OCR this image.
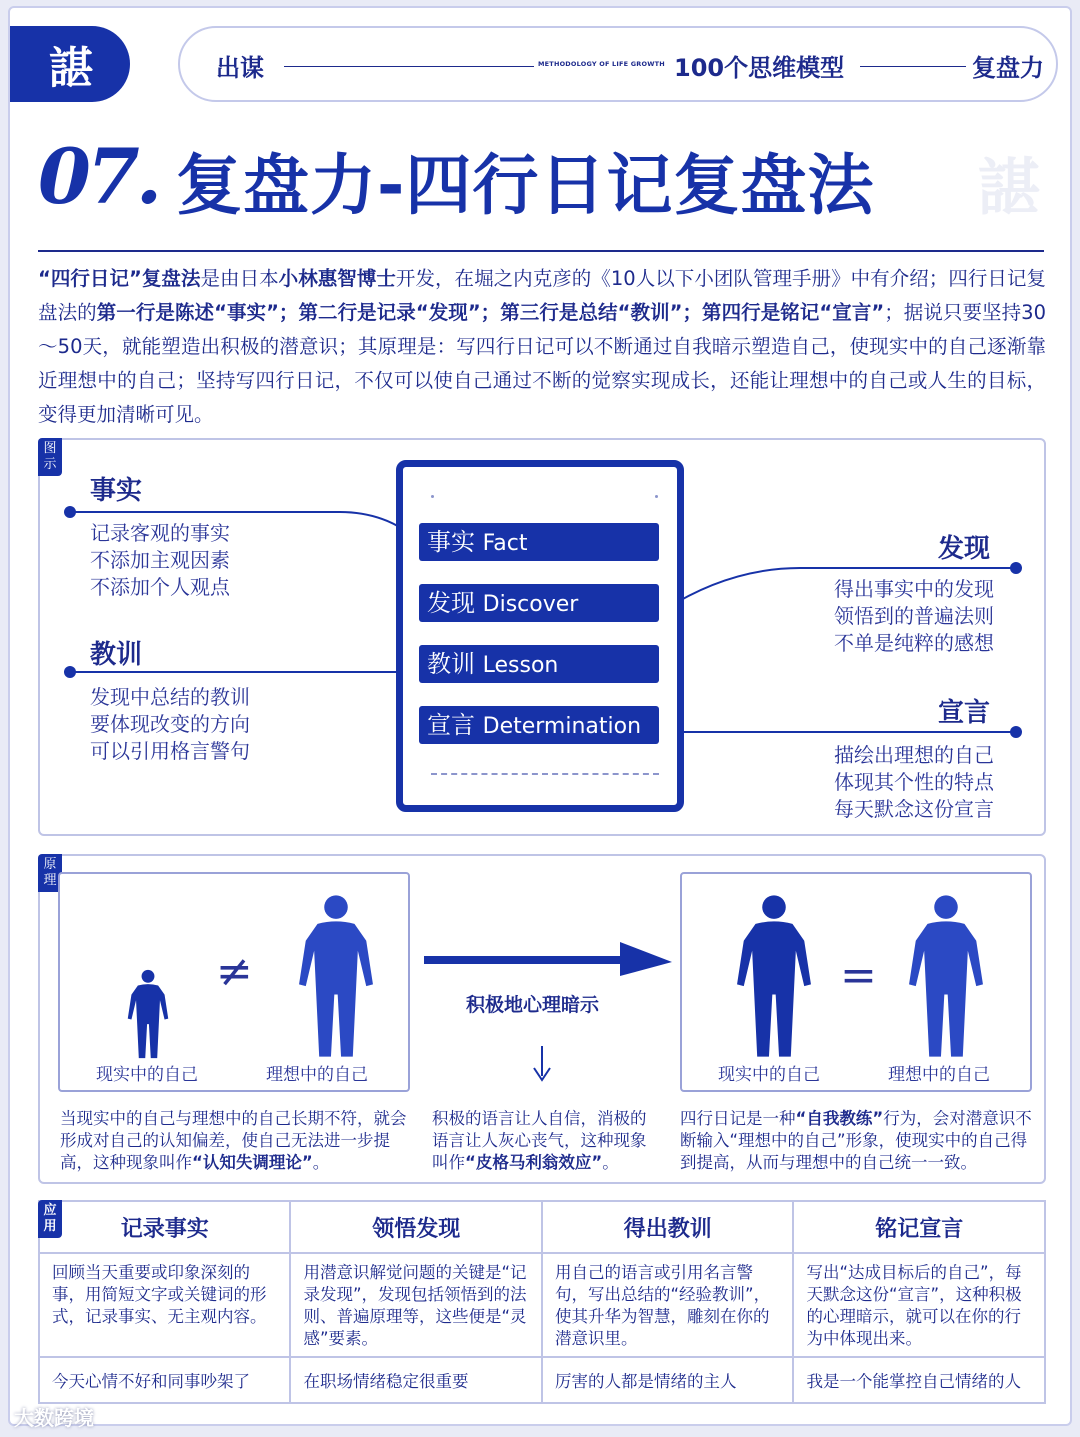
諶	出谋	METHODOLOGY OF LIFE GROWTH 100个思维模型	复盘力
07. 复盘力-四行日记复盘法 諶
“四行日记”复盘法是由日本小林惠智博士开发，在堀之内克彦的《10人以下小团队管理手册》中有介绍；四行日记复盘法的第一行是陈述“事实”；第二行是记录“发现”；第三行是总结“教训”；第四行是铭记“宣言”；据说只要坚持30～50天，就能塑造出积极的潜意识；其原理是：写四行日记可以不断通过自我暗示塑造自己，使现实中的自己逐渐靠近理想中的自己；坚持写四行日记，不仅可以使自己通过不断的觉察实现成长，还能让理想中的自己或人生的目标，变得更加清晰可见。
图示
事实 Fact
发现 Discover
教训 Lesson
宣言 Determination
事实
记录客观的事实
不添加主观因素
不添加个人观点
教训
发现中总结的教训
要体现改变的方向
可以引用格言警句
发现
得出事实中的发现
领悟到的普遍法则
不单是纯粹的感想
宣言
描绘出理想的自己
体现其个性的特点
每天默念这份宣言
原理
≠
现实中的自己	理想中的自己
积极地心理暗示
=
现实中的自己	理想中的自己
当现实中的自己与理想中的自己长期不符，就会形成对自己的认知偏差，使自己无法进一步提高，这种现象叫作“认知失调理论”。
积极的语言让人自信，消极的语言让人灰心丧气，这种现象叫作“皮格马利翁效应”。
四行日记是一种“自我教练”行为，会对潜意识不断输入“理想中的自己”形象，使现实中的自己得到提高，从而与理想中的自己统一一致。
应用 记录事实	领悟发现	得出教训	铭记宣言
回顾当天重要或印象深刻的事，用简短文字或关键词的形式，记录事实、无主观内容。	用潜意识解觉问题的关键是“记录发现”，发现包括领悟到的法则、普遍原理等，这些便是“灵感”要素。	用自己的语言或引用名言警句，写出总结的“经验教训”，使其升华为智慧，雕刻在你的潜意识里。	写出“达成目标后的自己”，每天默念这份“宣言”，这种积极的心理暗示，就可以在你的行为中体现出来。
今天心情不好和同事吵架了	在职场情绪稳定很重要	厉害的人都是情绪的主人	我是一个能掌控自己情绪的人
大数跨境
